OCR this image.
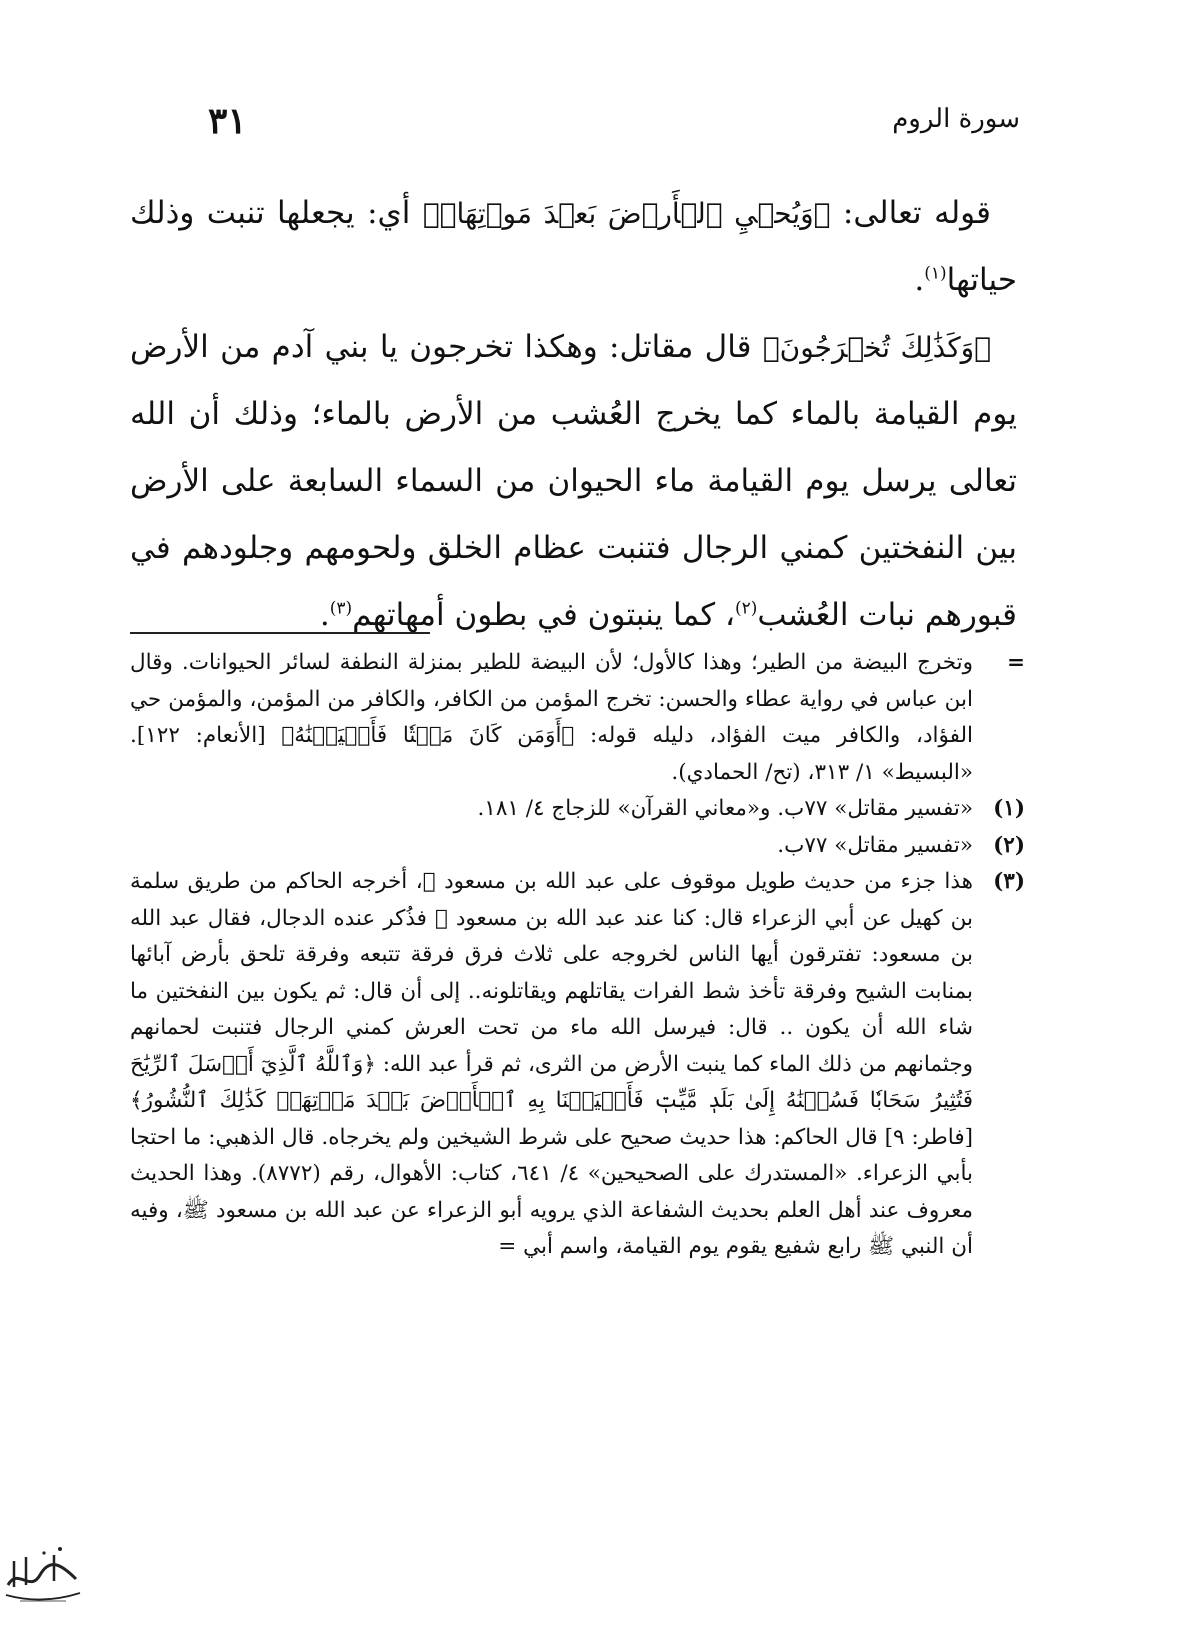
سورة الروم
٣١

قوله تعالى: ﴿وَيُحۡيِ ٱلۡأَرۡضَ بَعۡدَ مَوۡتِهَاۚ﴾ أي: يجعلها تنبت وذلك حياتها$^{(١)}$.

﴿وَكَذَٰلِكَ تُخۡرَجُونَ﴾ قال مقاتل: وهكذا تخرجون يا بني آدم من الأرض يوم القيامة بالماء كما يخرج العُشب من الأرض بالماء؛ وذلك أن الله تعالى يرسل يوم القيامة ماء الحيوان من السماء السابعة على الأرض بين النفختين كمني الرجال فتنبت عظام الخلق ولحومهم وجلودهم في قبورهم نبات العُشب$^{(٢)}$، كما ينبتون في بطون أمهاتهم$^{(٣)}$.

=
وتخرج البيضة من الطير؛ وهذا كالأول؛ لأن البيضة للطير بمنزلة النطفة لسائر الحيوانات. وقال ابن عباس في رواية عطاء والحسن: تخرج المؤمن من الكافر، والكافر من المؤمن، والمؤمن حي الفؤاد، والكافر ميت الفؤاد، دليله قوله: ﴿أَوَمَن كَانَ مَيۡتٗا فَأَحۡيَيۡنَٰهُ﴾ [الأنعام: ١٢٢]. «البسيط» ١/ ٣١٣، (تح/ الحمادي).
(١)
«تفسير مقاتل» ٧٧ب. و«معاني القرآن» للزجاج ٤/ ١٨١.
(٢)
«تفسير مقاتل» ٧٧ب.
(٣)
هذا جزء من حديث طويل موقوف على عبد الله بن مسعود ﷺ، أخرجه الحاكم من طريق سلمة بن كهيل عن أبي الزعراء قال: كنا عند عبد الله بن مسعود ﷺ فذُكر عنده الدجال، فقال عبد الله بن مسعود: تفترقون أيها الناس لخروجه على ثلاث فرق فرقة تتبعه وفرقة تلحق بأرض آبائها بمنابت الشيح وفرقة تأخذ شط الفرات يقاتلهم ويقاتلونه.. إلى أن قال: ثم يكون بين النفختين ما شاء الله أن يكون .. قال: فيرسل الله ماء من تحت العرش كمني الرجال فتنبت لحمانهم وجثمانهم من ذلك الماء كما ينبت الأرض من الثرى، ثم قرأ عبد الله: ﴿وَٱللَّهُ ٱلَّذِيٓ أَرۡسَلَ ٱلرِّيَٰحَ فَتُثِيرُ سَحَابٗا فَسُقۡنَٰهُ إِلَىٰ بَلَدٖ مَّيِّتٖ فَأَحۡيَيۡنَا بِهِ ٱلۡأَرۡضَ بَعۡدَ مَوۡتِهَاۚ كَذَٰلِكَ ٱلنُّشُورُ﴾ [فاطر: ٩] قال الحاكم: هذا حديث صحيح على شرط الشيخين ولم يخرجاه. قال الذهبي: ما احتجا بأبي الزعراء. «المستدرك على الصحيحين» ٤/ ٦٤١، كتاب: الأهوال، رقم (٨٧٧٢). وهذا الحديث معروف عند أهل العلم بحديث الشفاعة الذي يرويه أبو الزعراء عن عبد الله بن مسعود ﷺ، وفيه أن النبي ﷺ رابع شفيع يقوم يوم القيامة، واسم أبي =
